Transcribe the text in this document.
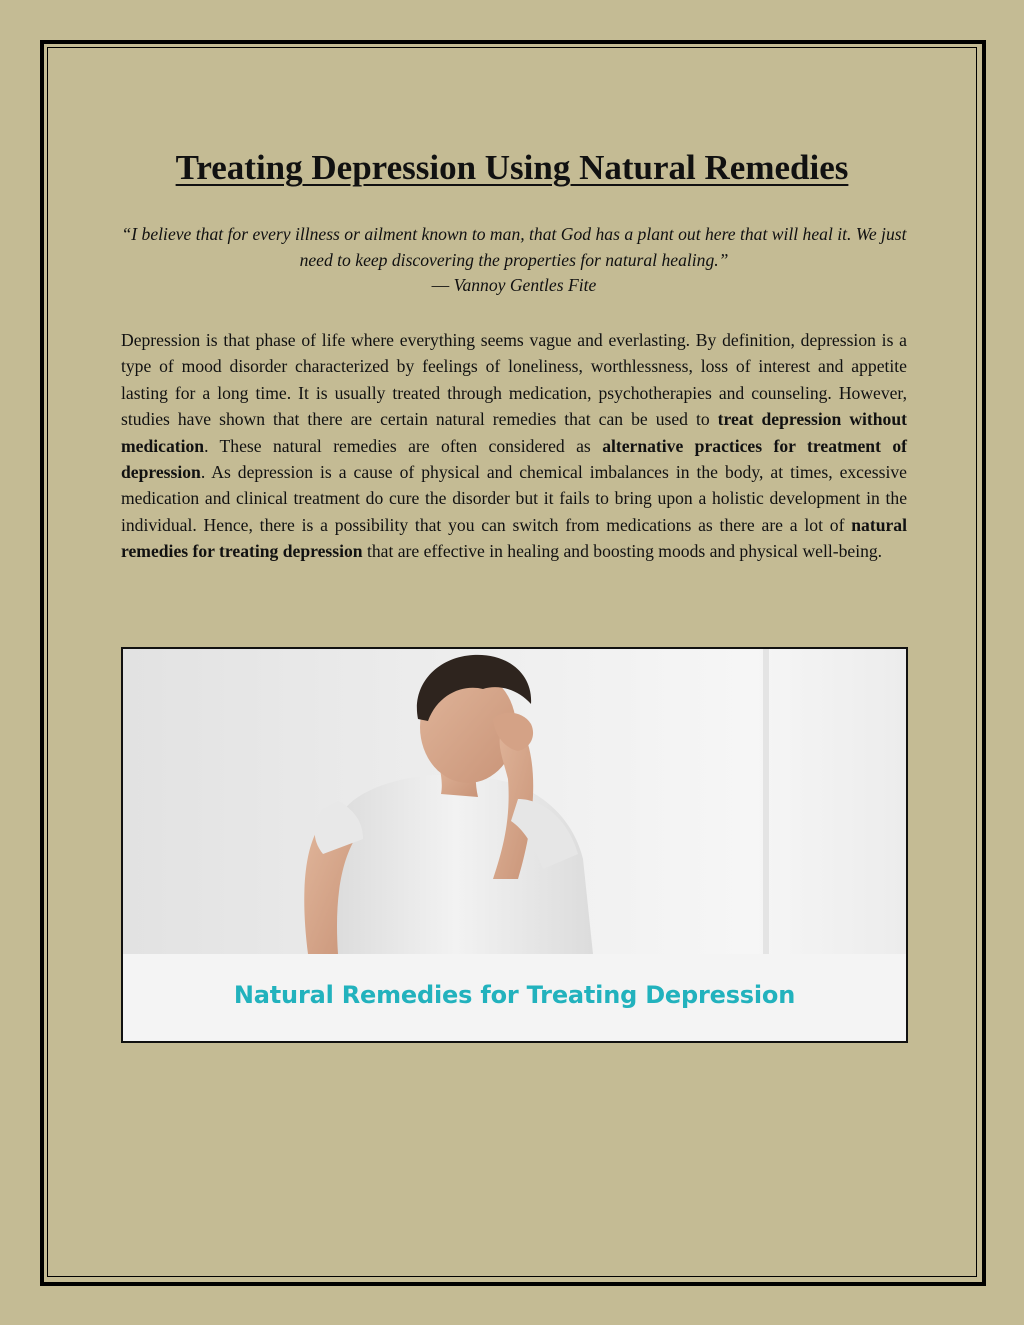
Treating Depression Using Natural Remedies

“I believe that for every illness or ailment known to man, that God has a plant out here that will heal it. We just need to keep discovering the properties for natural healing.”
― Vannoy Gentles Fite

Depression is that phase of life where everything seems vague and everlasting. By definition, depression is a type of mood disorder characterized by feelings of loneliness, worthlessness, loss of interest and appetite lasting for a long time. It is usually treated through medication, psychotherapies and counseling. However, studies have shown that there are certain natural remedies that can be used to treat depression without medication. These natural remedies are often considered as alternative practices for treatment of depression. As depression is a cause of physical and chemical imbalances in the body, at times, excessive medication and clinical treatment do cure the disorder but it fails to bring upon a holistic development in the individual. Hence, there is a possibility that you can switch from medications as there are a lot of natural remedies for treating depression that are effective in healing and boosting moods and physical well-being.

Natural Remedies for Treating Depression
